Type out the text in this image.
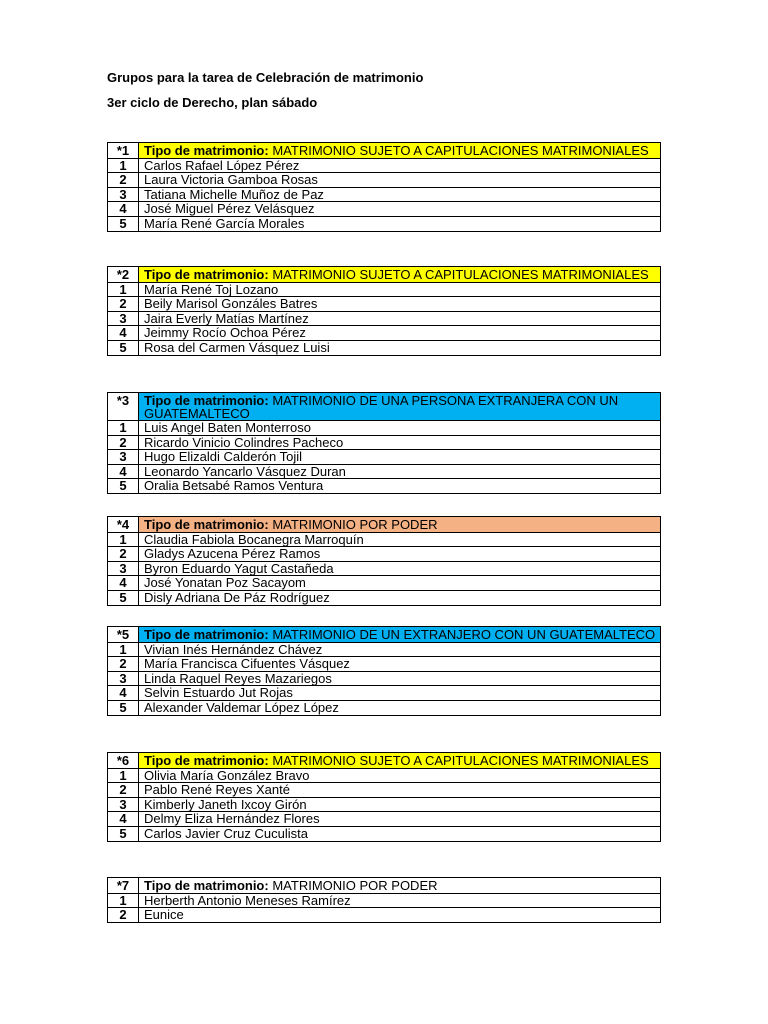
Grupos para la tarea de Celebración de matrimonio
3er ciclo de Derecho, plan sábado
*1	Tipo de matrimonio: MATRIMONIO SUJETO A CAPITULACIONES MATRIMONIALES
1	Carlos Rafael López Pérez
2	Laura Victoria Gamboa Rosas
3	Tatiana Michelle Muñoz de Paz
4	José Miguel Pérez Velásquez
5	María René García Morales
*2	Tipo de matrimonio: MATRIMONIO SUJETO A CAPITULACIONES MATRIMONIALES
1	María René Toj Lozano
2	Beily Marisol Gonzáles Batres
3	Jaira Everly Matías Martínez
4	Jeimmy Rocío Ochoa Pérez
5	Rosa del Carmen Vásquez Luisi
*3	Tipo de matrimonio: MATRIMONIO DE UNA PERSONA EXTRANJERA CON UN GUATEMALTECO
1	Luis Angel Baten Monterroso
2	Ricardo Vinicio Colindres Pacheco
3	Hugo Elizaldi Calderón Tojil
4	Leonardo Yancarlo Vásquez Duran
5	Oralia Betsabé Ramos Ventura
*4	Tipo de matrimonio: MATRIMONIO POR PODER
1	Claudia Fabiola Bocanegra Marroquín
2	Gladys Azucena Pérez Ramos
3	Byron Eduardo Yagut Castañeda
4	José Yonatan Poz Sacayom
5	Disly Adriana De Páz Rodríguez
*5	Tipo de matrimonio: MATRIMONIO DE UN EXTRANJERO CON UN GUATEMALTECO
1	Vivian Inés Hernández Chávez
2	María Francisca Cifuentes Vásquez
3	Linda Raquel Reyes Mazariegos
4	Selvin Estuardo Jut Rojas
5	Alexander Valdemar López López
*6	Tipo de matrimonio: MATRIMONIO SUJETO A CAPITULACIONES MATRIMONIALES
1	Olivia María González Bravo
2	Pablo René Reyes Xanté
3	Kimberly Janeth Ixcoy Girón
4	Delmy Eliza Hernández Flores
5	Carlos Javier Cruz Cuculista
*7	Tipo de matrimonio: MATRIMONIO POR PODER
1	Herberth Antonio Meneses Ramírez
2	Eunice
